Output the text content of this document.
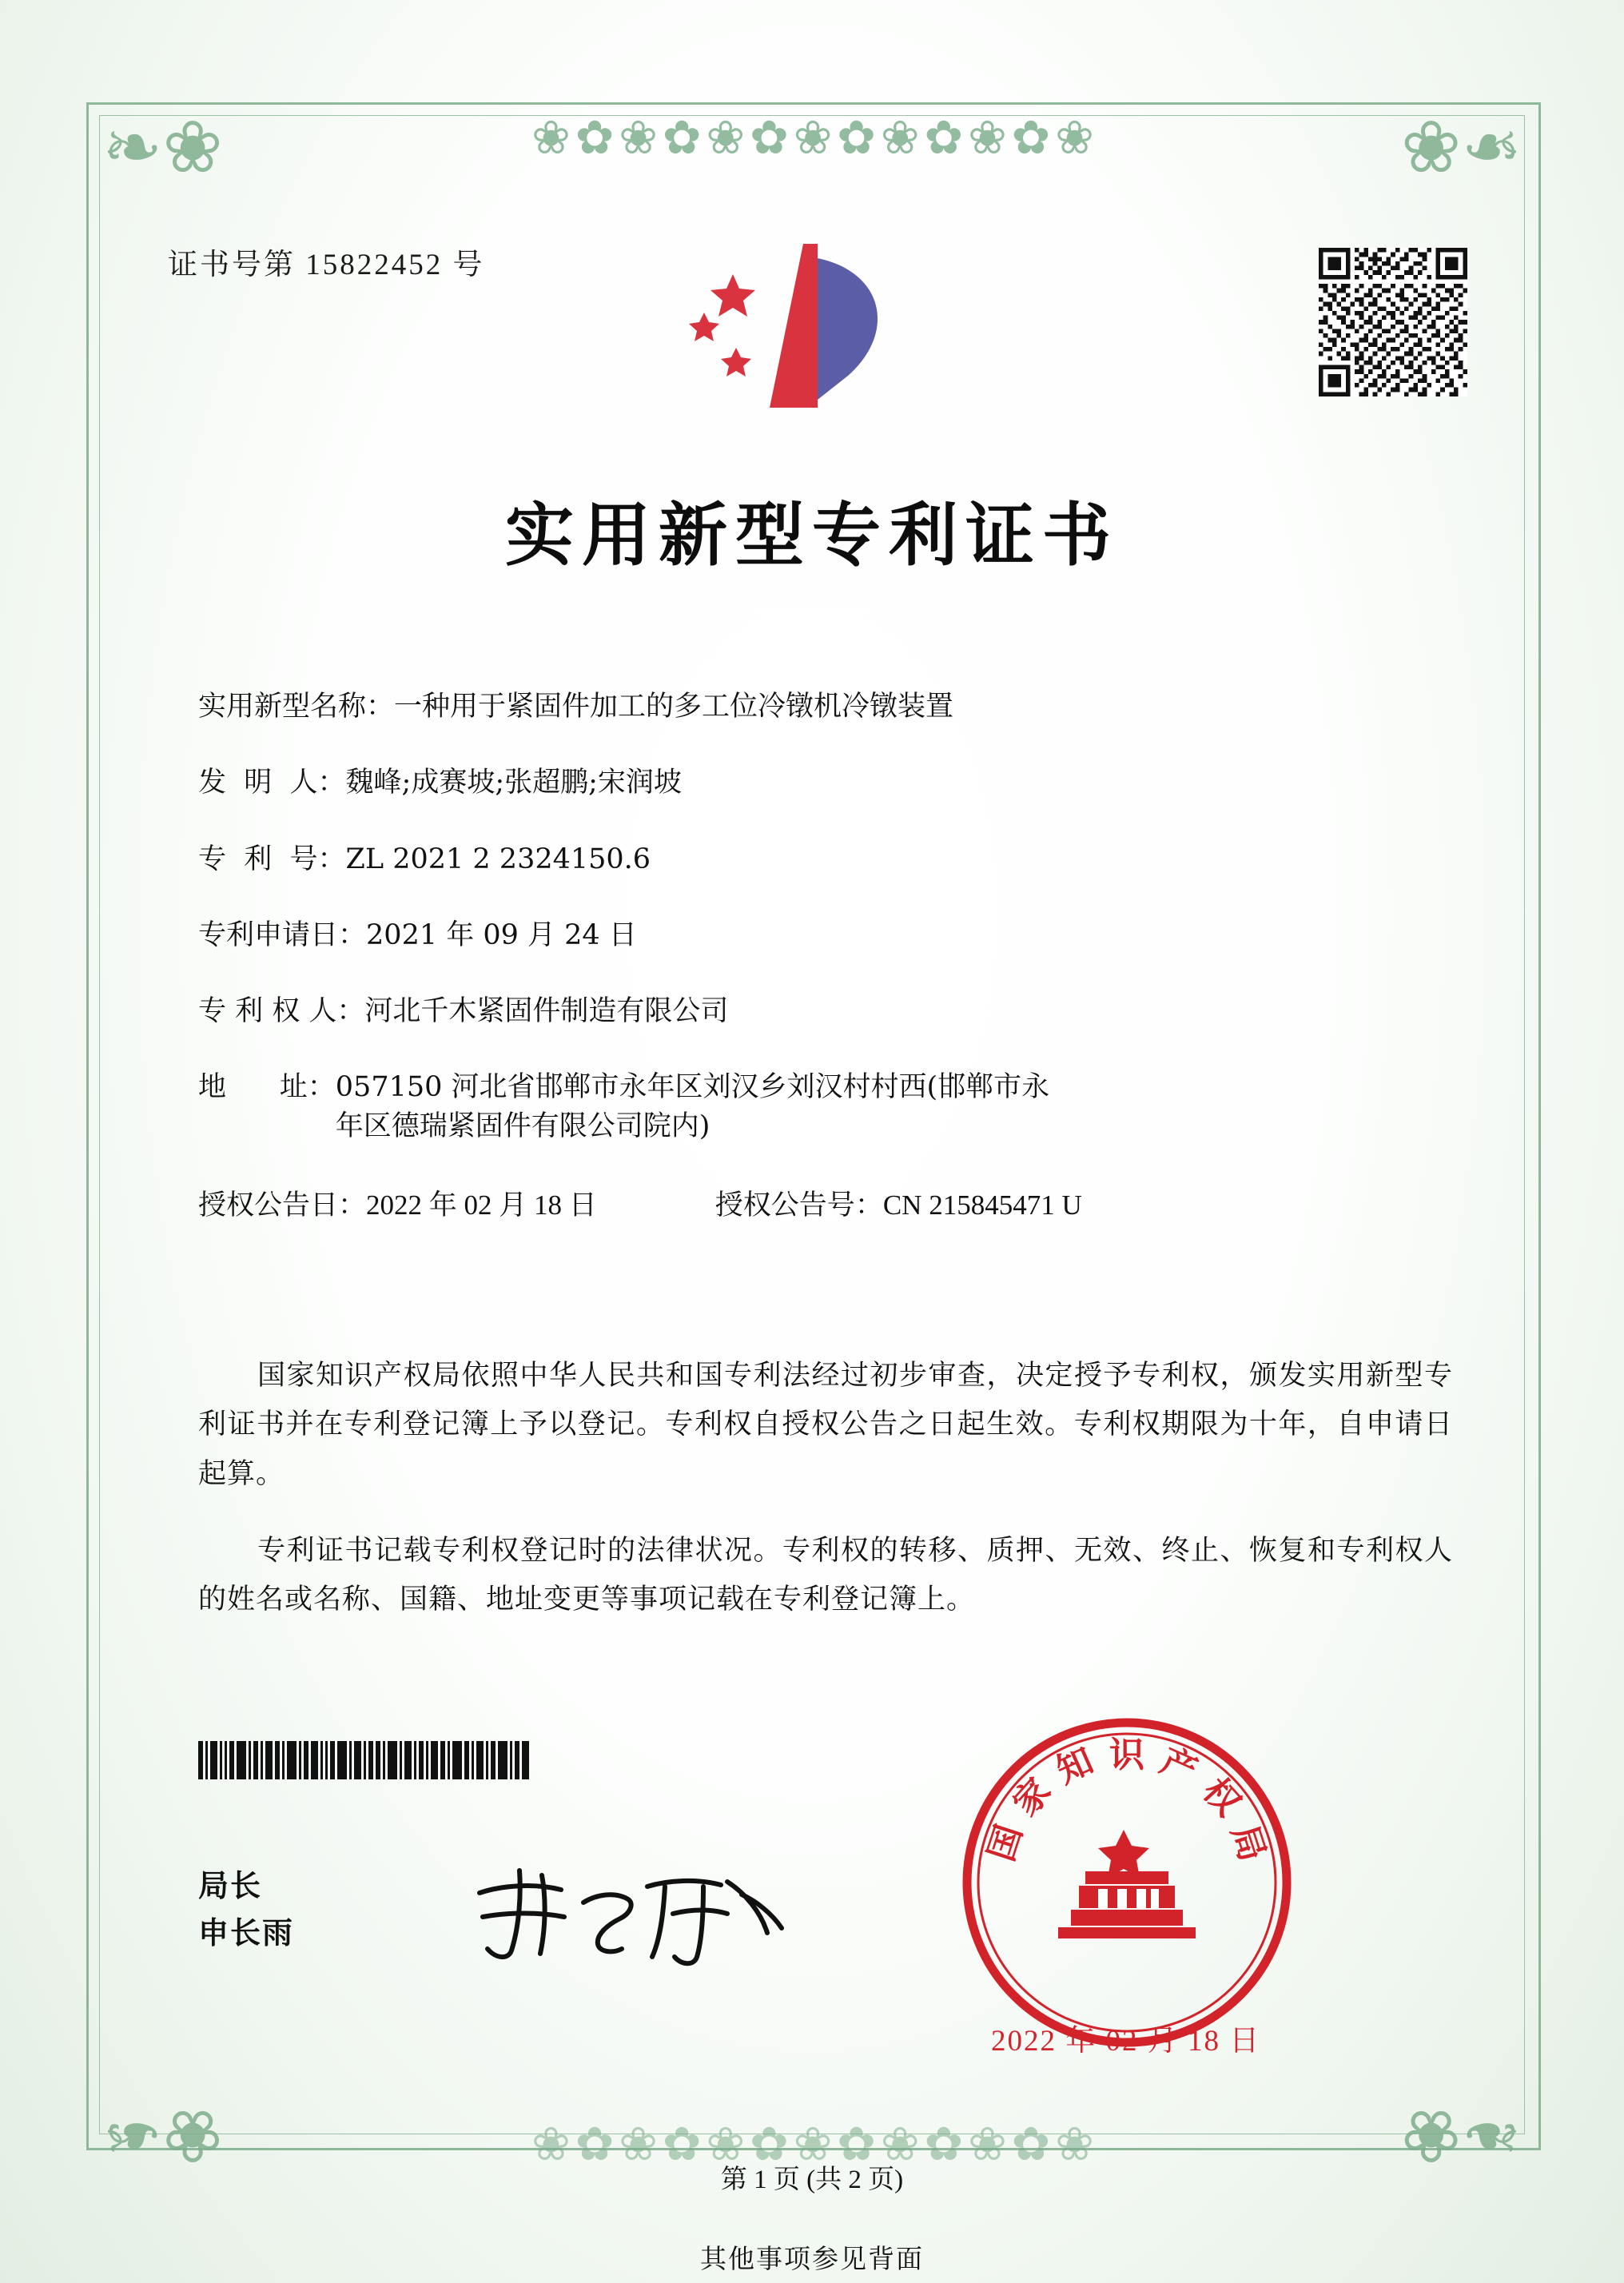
❧❀	❧❀
❧❀	❧❀
❀✿❀✿❀✿❀✿❀✿❀✿❀
❀✿❀✿❀✿❀✿❀✿❀✿❀
证书号第 15822452 号
实用新型专利证书
实用新型名称 ： 一种用于紧固件加工的多工位冷镦机冷镦装置
发  明  人 ： 魏峰;成赛坡;张超鹏;宋润坡
专  利  号 ： ZL 2021 2 2324150.6
专利申请日 ： 2021 年 09 月 24 日
专 利 权 人 ： 河北千木紧固件制造有限公司
地      址 ： 057150 河北省邯郸市永年区刘汉乡刘汉村村西(邯郸市永
年区德瑞紧固件有限公司院内)
授权公告日：2022 年 02 月 18 日	授权公告号：CN 215845471 U

国家知识产权局依照中华人民共和国专利法经过初步审查，决定授予专利权，颁发实用新型专利证书并在专利登记簿上予以登记。专利权自授权公告之日起生效。专利权期限为十年，自申请日起算。

专利证书记载专利权登记时的法律状况。专利权的转移、质押、无效、终止、恢复和专利权人的姓名或名称、国籍、地址变更等事项记载在专利登记簿上。

局长
申长雨
国
家
知 识 产
权
局
2022 年 02 月 18 日
第 1 页 (共 2 页)
其他事项参见背面
